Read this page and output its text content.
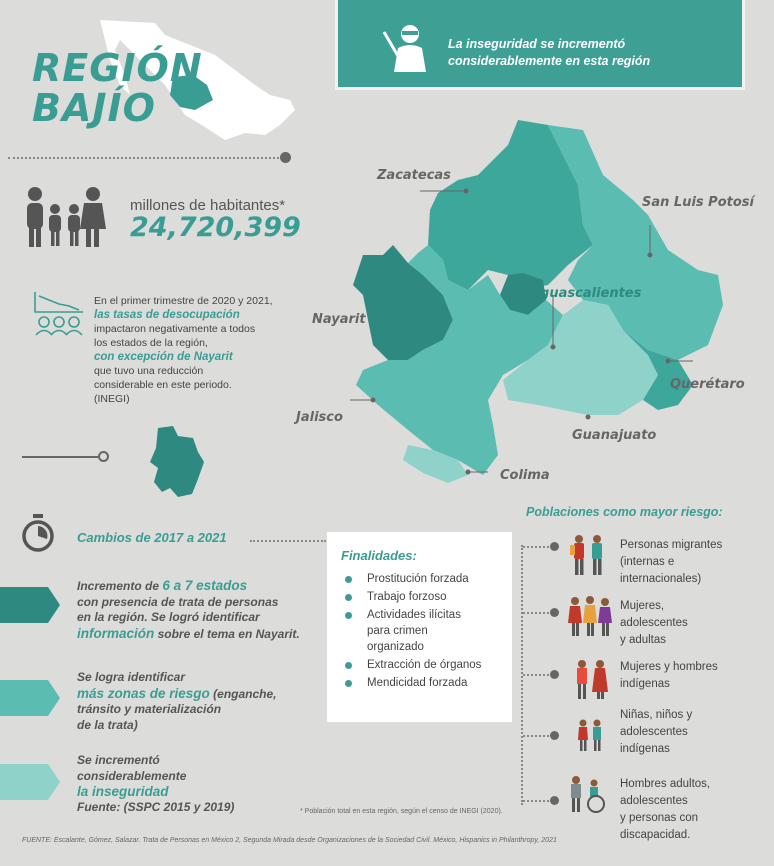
REGIÓN
BAJÍO
La inseguridad se incrementó
considerablemente en esta región
millones de habitantes*
24,720,399
En el primer trimestre de 2020 y 2021,
las tasas de desocupación
impactaron negativamente a todos
los estados de la región,
con excepción de Nayarit
que tuvo una reducción
considerable en este periodo.
(INEGI)
Zacatecas
San Luis Potosí
Aguascalientes
Nayarit
Querétaro
Jalisco
Guanajuato
Colima
Cambios de 2017 a 2021
Incremento de 6 a 7 estados
con presencia de trata de personas
en la región. Se logró identificar
información sobre el tema en Nayarit.
Se logra identificar
más zonas de riesgo (enganche,
tránsito y materialización
de la trata)
Se incrementó
considerablemente
la inseguridad
Fuente: (SSPC 2015 y 2019)
Finalidades:
Prostitución forzada
Trabajo forzoso
Actividades ilícitas
para crimen
organizado
Extracción de órganos
Mendicidad forzada
Poblaciones como mayor riesgo:
Personas migrantes
(internas e
internacionales)
Mujeres,
adolescentes
y adultas
Mujeres y hombres
indígenas
Niñas, niños y
adolescentes
indígenas
Hombres adultos,
adolescentes
y personas con
discapacidad.
* Población total en esta región, según el censo de INEGI (2020).
FUENTE: Escalante, Gómez, Salazar. Trata de Personas en México 2, Segunda Mirada desde Organizaciones de la Sociedad Civil. México, Hispanics in Philanthropy, 2021
